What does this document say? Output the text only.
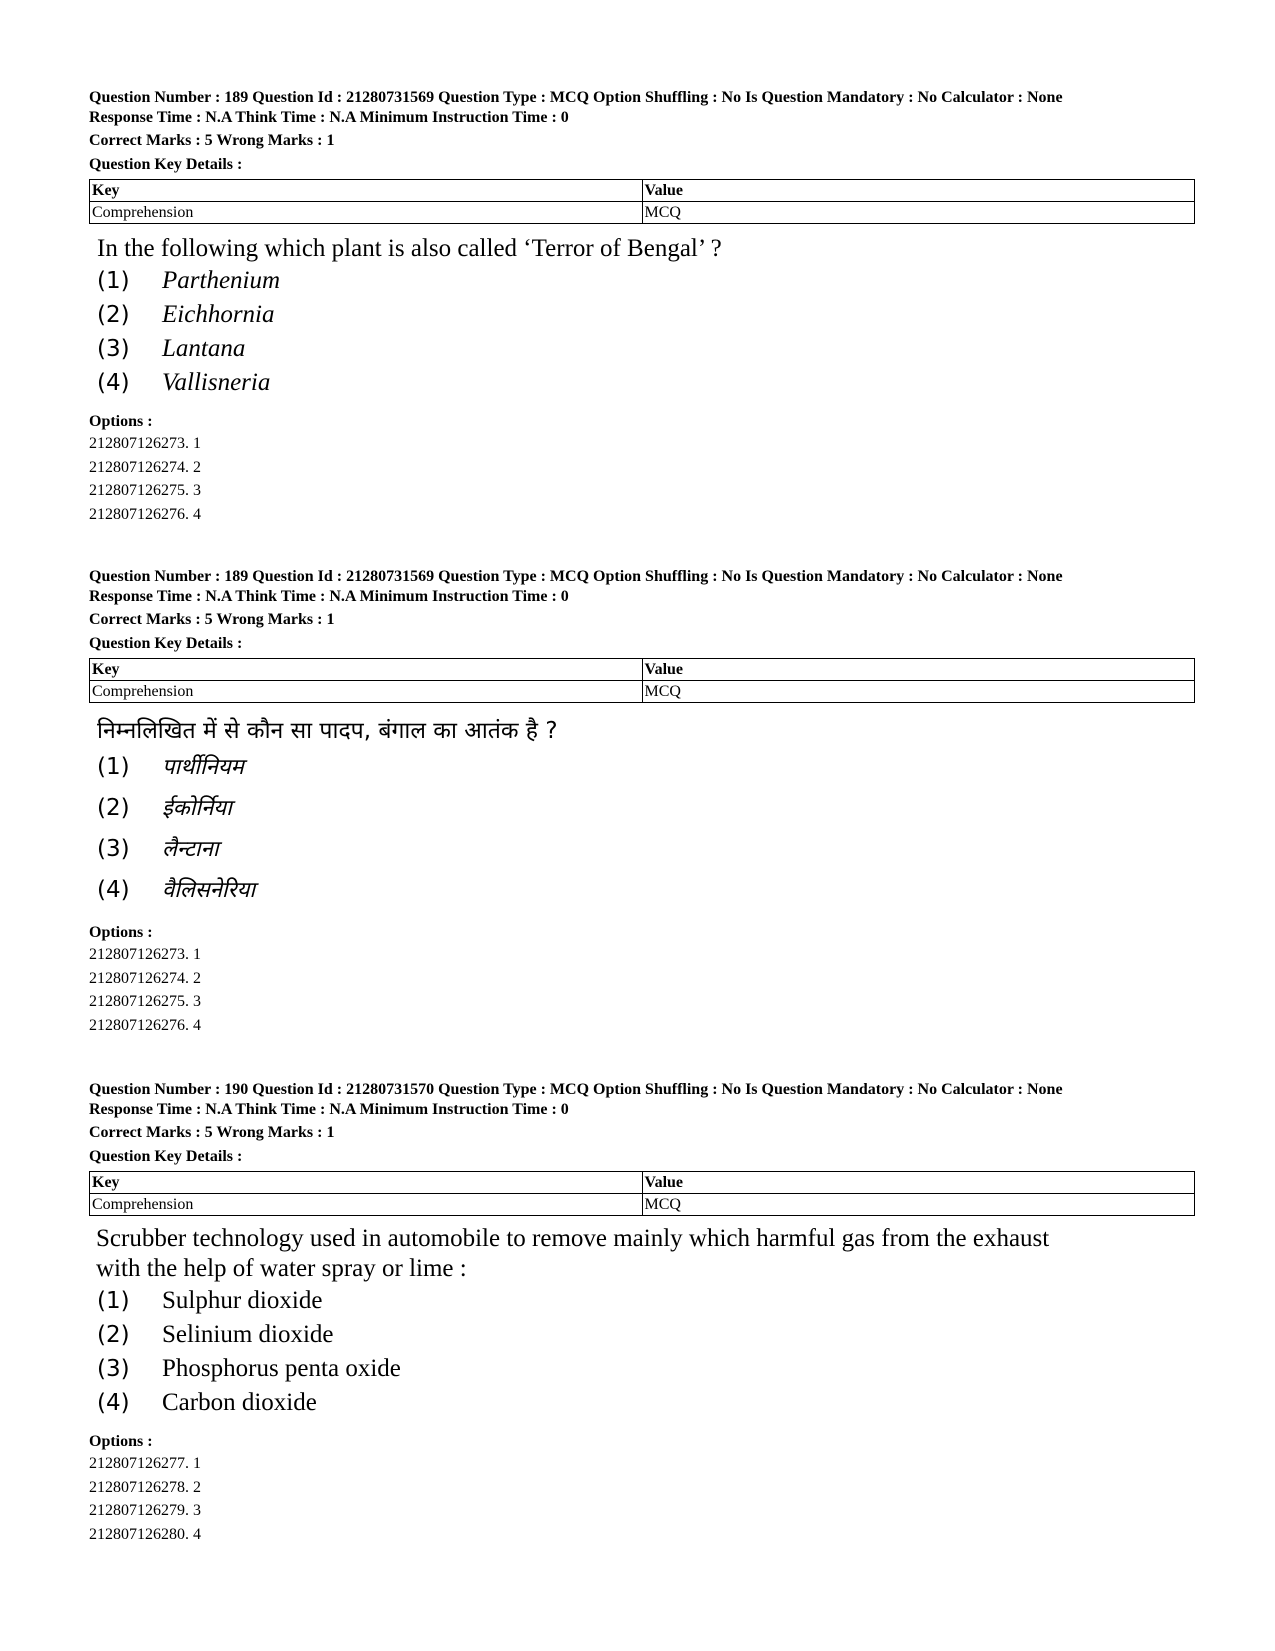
Question Number : 189 Question Id : 21280731569 Question Type : MCQ Option Shuffling : No Is Question Mandatory : No Calculator : None
Response Time : N.A Think Time : N.A Minimum Instruction Time : 0
Correct Marks : 5 Wrong Marks : 1
Question Key Details :
Key	Value
Comprehension	MCQ
In the following which plant is also called ‘Terror of Bengal’ ?
(1)	Parthenium
(2)	Eichhornia
(3)	Lantana
(4)	Vallisneria
Options :
212807126273. 1
212807126274. 2
212807126275. 3
212807126276. 4
Question Number : 189 Question Id : 21280731569 Question Type : MCQ Option Shuffling : No Is Question Mandatory : No Calculator : None
Response Time : N.A Think Time : N.A Minimum Instruction Time : 0
Correct Marks : 5 Wrong Marks : 1
Question Key Details :
Key	Value
Comprehension	MCQ
निम्नलिखित में से कौन सा पादप, बंगाल का आतंक है ?
(1)	पार्थीनियम
(2)	ईकोर्निया
(3)	लैन्टाना
(4)	वैलिसनेरिया
Options :
212807126273. 1
212807126274. 2
212807126275. 3
212807126276. 4
Question Number : 190 Question Id : 21280731570 Question Type : MCQ Option Shuffling : No Is Question Mandatory : No Calculator : None
Response Time : N.A Think Time : N.A Minimum Instruction Time : 0
Correct Marks : 5 Wrong Marks : 1
Question Key Details :
Key	Value
Comprehension	MCQ
Scrubber technology used in automobile to remove mainly which harmful gas from the exhaust
with the help of water spray or lime :
(1)	Sulphur dioxide
(2)	Selinium dioxide
(3)	Phosphorus penta oxide
(4)	Carbon dioxide
Options :
212807126277. 1
212807126278. 2
212807126279. 3
212807126280. 4
